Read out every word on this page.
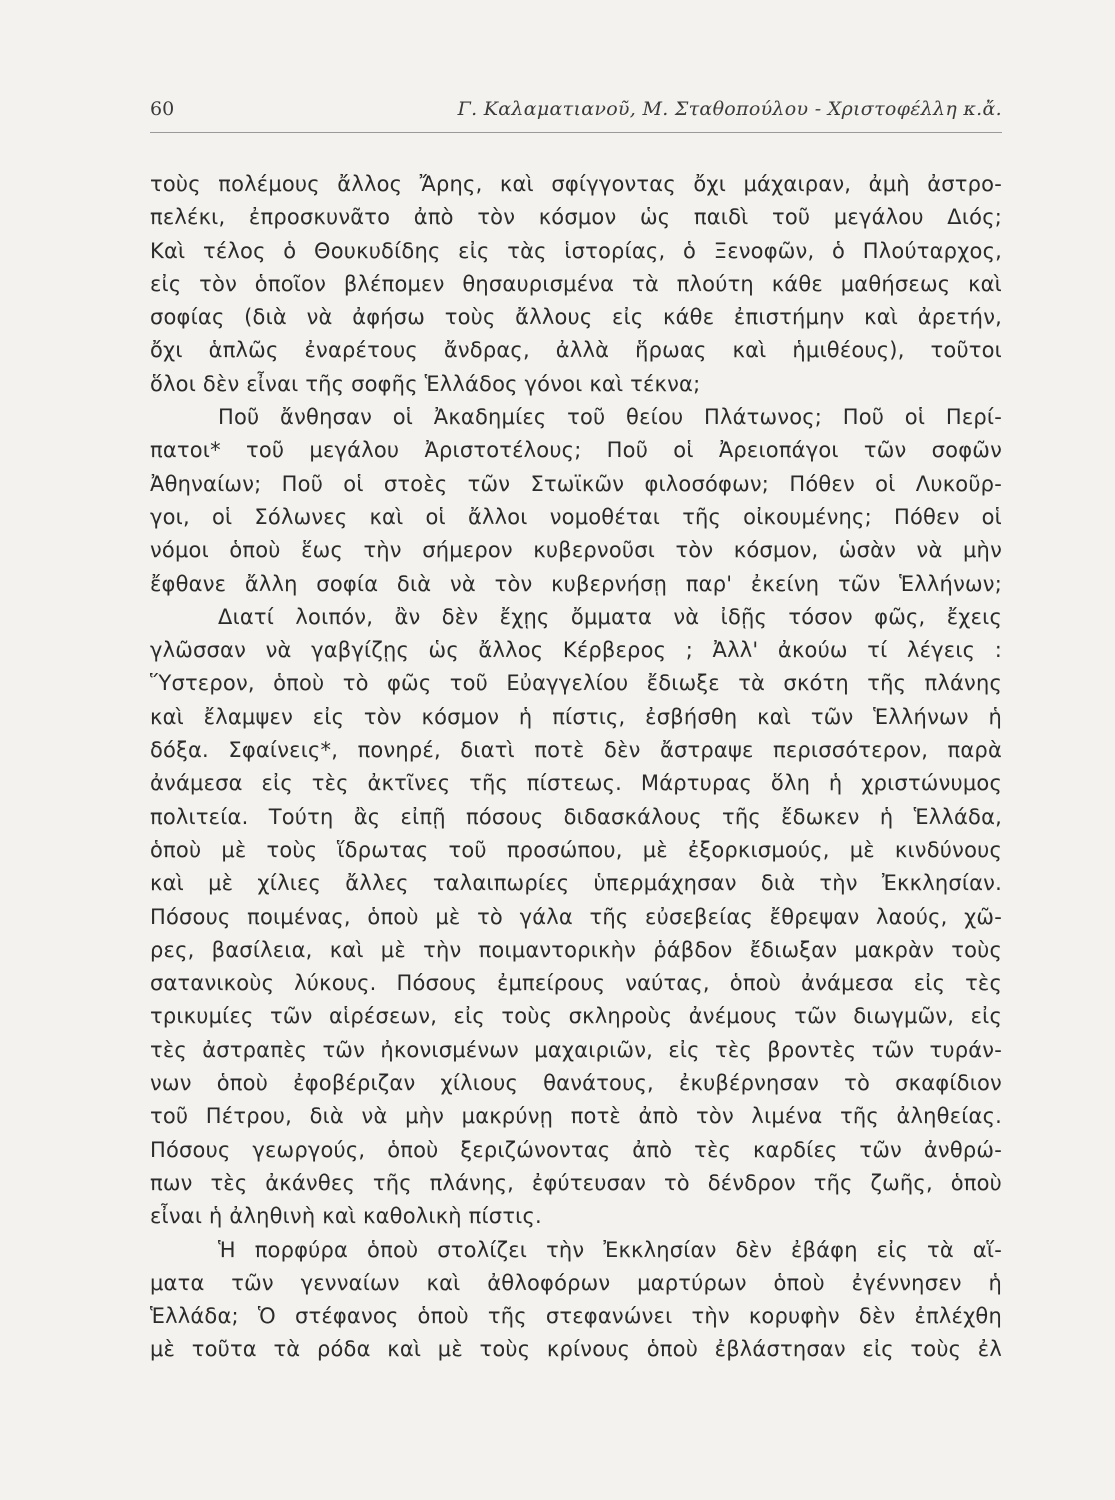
60	Γ. Καλαματιανοῦ, Μ. Σταθοπούλου - Χριστοφέλλη κ.ἄ.
τοὺς πολέμους ἄλλος Ἄρης, καὶ σφίγγοντας ὄχι μάχαιραν, ἀμὴ ἀστρο-
πελέκι, ἐπροσκυνᾶτο ἀπὸ τὸν κόσμον ὡς παιδὶ τοῦ μεγάλου Διός;
Καὶ τέλος ὁ Θουκυδίδης εἰς τὰς ἱστορίας, ὁ Ξενοφῶν, ὁ Πλούταρχος,
εἰς τὸν ὁποῖον βλέπομεν θησαυρισμένα τὰ πλούτη κάθε μαθήσεως καὶ
σοφίας (διὰ νὰ ἀφήσω τοὺς ἄλλους εἰς κάθε ἐπιστήμην καὶ ἀρετήν,
ὄχι ἁπλῶς ἐναρέτους ἄνδρας, ἀλλὰ ἥρωας καὶ ἡμιθέους), τοῦτοι
ὅλοι δὲν εἶναι τῆς σοφῆς Ἑλλάδος γόνοι καὶ τέκνα;
Ποῦ ἄνθησαν οἱ Ἀκαδημίες τοῦ θείου Πλάτωνος; Ποῦ οἱ Περί-
πατοι* τοῦ μεγάλου Ἀριστοτέλους; Ποῦ οἱ Ἀρειοπάγοι τῶν σοφῶν
Ἀθηναίων; Ποῦ οἱ στοὲς τῶν Στωϊκῶν φιλοσόφων; Πόθεν οἱ Λυκοῦρ-
γοι, οἱ Σόλωνες καὶ οἱ ἄλλοι νομοθέται τῆς οἰκουμένης; Πόθεν οἱ
νόμοι ὁποὺ ἕως τὴν σήμερον κυβερνοῦσι τὸν κόσμον, ὡσὰν νὰ μὴν
ἔφθανε ἄλλη σοφία διὰ νὰ τὸν κυβερνήσῃ παρ' ἐκείνη τῶν Ἑλλήνων;
Διατί λοιπόν, ἂν δὲν ἔχῃς ὄμματα νὰ ἰδῇς τόσον φῶς, ἔχεις
γλῶσσαν νὰ γαβγίζῃς ὡς ἄλλος Κέρβερος ; Ἀλλ' ἀκούω τί λέγεις :
Ὕστερον, ὁποὺ τὸ φῶς τοῦ Εὐαγγελίου ἔδιωξε τὰ σκότη τῆς πλάνης
καὶ ἔλαμψεν εἰς τὸν κόσμον ἡ πίστις, ἐσβήσθη καὶ τῶν Ἑλλήνων ἡ
δόξα. Σφαίνεις*, πονηρέ, διατὶ ποτὲ δὲν ἄστραψε περισσότερον, παρὰ
ἀνάμεσα εἰς τὲς ἀκτῖνες τῆς πίστεως. Μάρτυρας ὅλη ἡ χριστώνυμος
πολιτεία. Τούτη ἂς εἰπῇ πόσους διδασκάλους τῆς ἔδωκεν ἡ Ἑλλάδα,
ὁποὺ μὲ τοὺς ἵδρωτας τοῦ προσώπου, μὲ ἐξορκισμούς, μὲ κινδύνους
καὶ μὲ χίλιες ἄλλες ταλαιπωρίες ὑπερμάχησαν διὰ τὴν Ἐκκλησίαν.
Πόσους ποιμένας, ὁποὺ μὲ τὸ γάλα τῆς εὐσεβείας ἔθρεψαν λαούς, χῶ-
ρες, βασίλεια, καὶ μὲ τὴν ποιμαντορικὴν ῥάβδον ἔδιωξαν μακρὰν τοὺς
σατανικοὺς λύκους. Πόσους ἐμπείρους ναύτας, ὁποὺ ἀνάμεσα εἰς τὲς
τρικυμίες τῶν αἱρέσεων, εἰς τοὺς σκληροὺς ἀνέμους τῶν διωγμῶν, εἰς
τὲς ἀστραπὲς τῶν ἠκονισμένων μαχαιριῶν, εἰς τὲς βροντὲς τῶν τυράν-
νων ὁποὺ ἐφοβέριζαν χίλιους θανάτους, ἐκυβέρνησαν τὸ σκαφίδιον
τοῦ Πέτρου, διὰ νὰ μὴν μακρύνῃ ποτὲ ἀπὸ τὸν λιμένα τῆς ἀληθείας.
Πόσους γεωργούς, ὁποὺ ξεριζώνοντας ἀπὸ τὲς καρδίες τῶν ἀνθρώ-
πων τὲς ἀκάνθες τῆς πλάνης, ἐφύτευσαν τὸ δένδρον τῆς ζωῆς, ὁποὺ
εἶναι ἡ ἀληθινὴ καὶ καθολικὴ πίστις.
Ἡ πορφύρα ὁποὺ στολίζει τὴν Ἐκκλησίαν δὲν ἐβάφη εἰς τὰ αἵ-
ματα τῶν γενναίων καὶ ἀθλοφόρων μαρτύρων ὁποὺ ἐγέννησεν ἡ
Ἑλλάδα; Ὁ στέφανος ὁποὺ τῆς στεφανώνει τὴν κορυφὴν δὲν ἐπλέχθη
μὲ τοῦτα τὰ ρόδα καὶ μὲ τοὺς κρίνους ὁποὺ ἐβλάστησαν εἰς τοὺς ἐλ
